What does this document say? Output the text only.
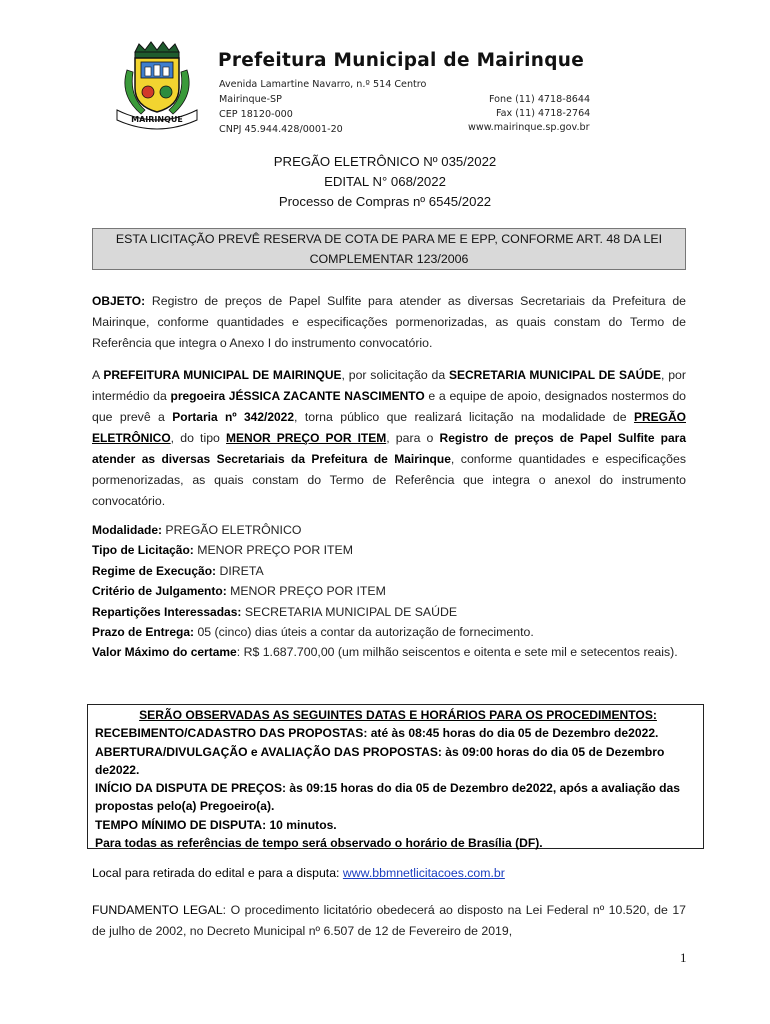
MAIRINQUE
Prefeitura Municipal de Mairinque
Avenida Lamartine Navarro, n.º 514 Centro
Mairinque-SP
CEP 18120-000
CNPJ 45.944.428/0001-20
Fone (11) 4718-8644
Fax (11) 4718-2764
www.mairinque.sp.gov.br
PREGÃO ELETRÔNICO Nº 035/2022
EDITAL N° 068/2022
Processo de Compras nº 6545/2022
ESTA LICITAÇÃO PREVÊ RESERVA DE COTA DE PARA ME E EPP, CONFORME ART. 48 DA LEI COMPLEMENTAR 123/2006
OBJETO: Registro de preços de Papel Sulfite para atender as diversas Secretariais da Prefeitura de Mairinque, conforme quantidades e especificações pormenorizadas, as quais constam do Termo de Referência que integra o Anexo I do instrumento convocatório.
A PREFEITURA MUNICIPAL DE MAIRINQUE, por solicitação da SECRETARIA MUNICIPAL DE SAÚDE, por intermédio da pregoeira JÉSSICA ZACANTE NASCIMENTO e a equipe de apoio, designados nostermos do que prevê a Portaria nº 342/2022, torna público que realizará licitação na modalidade de PREGÃO ELETRÔNICO, do tipo MENOR PREÇO POR ITEM, para o Registro de preços de Papel Sulfite para atender as diversas Secretariais da Prefeitura de Mairinque, conforme quantidades e especificações pormenorizadas, as quais constam do Termo de Referência que integra o anexol do instrumento convocatório.
Modalidade: PREGÃO ELETRÔNICO
Tipo de Licitação: MENOR PREÇO POR ITEM
Regime de Execução: DIRETA
Critério de Julgamento: MENOR PREÇO POR ITEM
Repartições Interessadas: SECRETARIA MUNICIPAL DE SAÚDE
Prazo de Entrega: 05 (cinco) dias úteis a contar da autorização de fornecimento.
Valor Máximo do certame: R$ 1.687.700,00 (um milhão seiscentos e oitenta e sete mil e setecentos reais).
SERÃO OBSERVADAS AS SEGUINTES DATAS E HORÁRIOS PARA OS PROCEDIMENTOS:
RECEBIMENTO/CADASTRO DAS PROPOSTAS: até às 08:45 horas do dia 05 de Dezembro de2022.
ABERTURA/DIVULGAÇÃO e AVALIAÇÃO DAS PROPOSTAS: às 09:00 horas do dia 05 de Dezembro de2022.
INÍCIO DA DISPUTA DE PREÇOS: às 09:15 horas do dia 05 de Dezembro de2022, após a avaliação das propostas pelo(a) Pregoeiro(a).
TEMPO MÍNIMO DE DISPUTA: 10 minutos.
Para todas as referências de tempo será observado o horário de Brasília (DF).
Local para retirada do edital e para a disputa: www.bbmnetlicitacoes.com.br
FUNDAMENTO LEGAL: O procedimento licitatório obedecerá ao disposto na Lei Federal nº 10.520, de 17 de julho de 2002, no Decreto Municipal nº 6.507 de 12 de Fevereiro de 2019,
1
